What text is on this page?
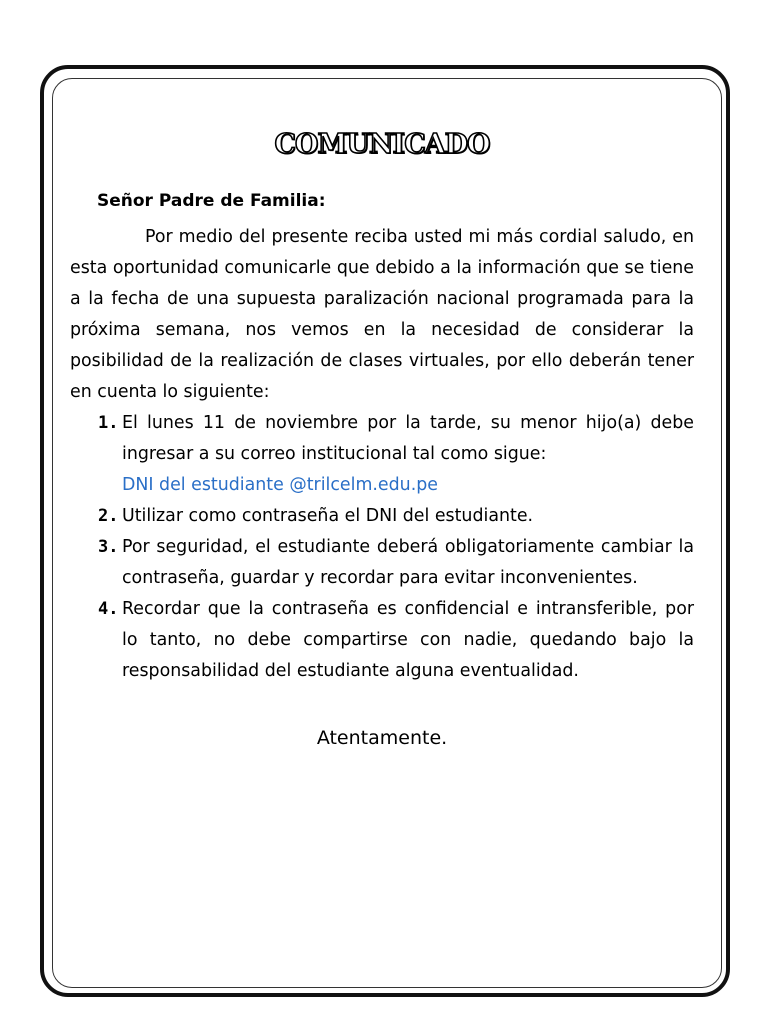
COMUNICADO
Señor Padre de Familia:

Por medio del presente reciba usted mi más cordial saludo, en esta oportunidad comunicarle que debido a la información que se tiene a la fecha de una supuesta paralización nacional programada para la próxima semana, nos vemos en la necesidad de considerar la posibilidad de la realización de clases virtuales, por ello deberán tener en cuenta lo siguiente:

1. El lunes 11 de noviembre por la tarde, su menor hijo(a) debe ingresar a su correo institucional tal como sigue:
DNI del estudiante @trilcelm.edu.pe
2. Utilizar como contraseña el DNI del estudiante.
3. Por seguridad, el estudiante deberá obligatoriamente cambiar la contraseña, guardar y recordar para evitar inconvenientes.
4. Recordar que la contraseña es confidencial e intransferible, por lo tanto, no debe compartirse con nadie, quedando bajo la responsabilidad del estudiante alguna eventualidad.
Atentamente.
